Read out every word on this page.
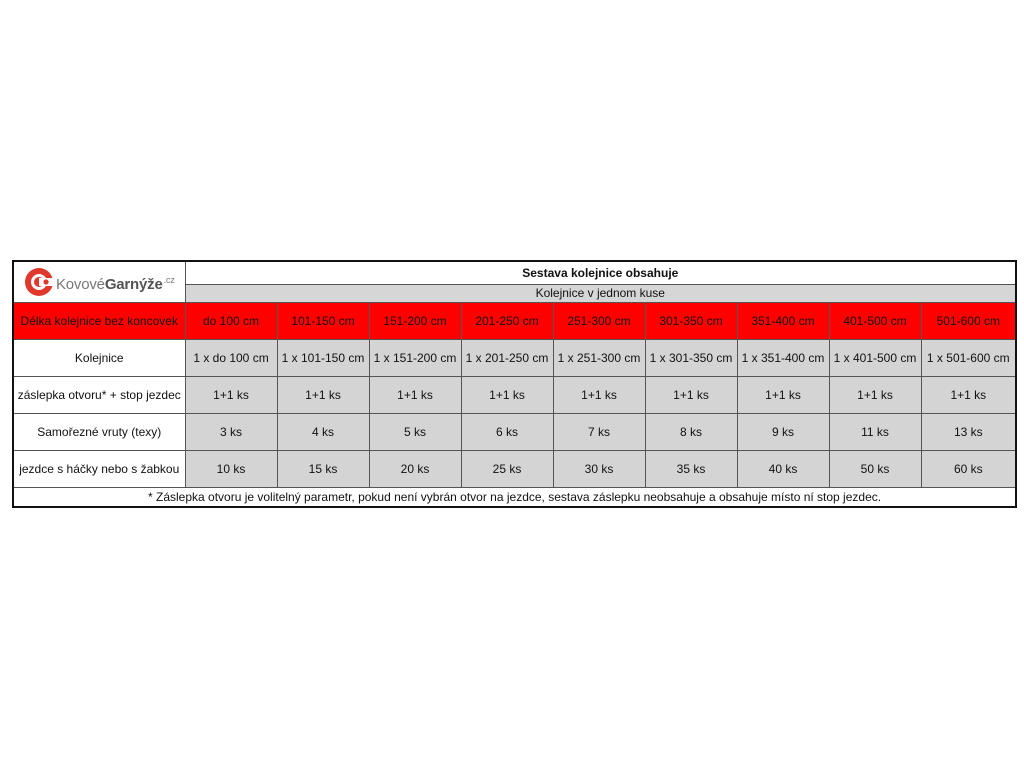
KovovéGarnýže$^{.cz}$	Sestava kolejnice obsahuje								
	Kolejnice v jednom kuse								
Délka kolejnice bez koncovek	do 100 cm	101-150 cm	151-200 cm	201-250 cm	251-300 cm	301-350 cm	351-400 cm	401-500 cm	501-600 cm
Kolejnice	1 x do 100 cm	1 x 101-150 cm	1 x 151-200 cm	1 x 201-250 cm	1 x 251-300 cm	1 x 301-350 cm	1 x 351-400 cm	1 x 401-500 cm	1 x 501-600 cm
záslepka otvoru* + stop jezdec	1+1 ks	1+1 ks	1+1 ks	1+1 ks	1+1 ks	1+1 ks	1+1 ks	1+1 ks	1+1 ks
Samořezné vruty (texy)	3 ks	4 ks	5 ks	6 ks	7 ks	8 ks	9 ks	11 ks	13 ks
jezdce s háčky nebo s žabkou	10 ks	15 ks	20 ks	25 ks	30 ks	35 ks	40 ks	50 ks	60 ks
* Záslepka otvoru je volitelný parametr, pokud není vybrán otvor na jezdce, sestava záslepku neobsahuje a obsahuje místo ní stop jezdec.									
